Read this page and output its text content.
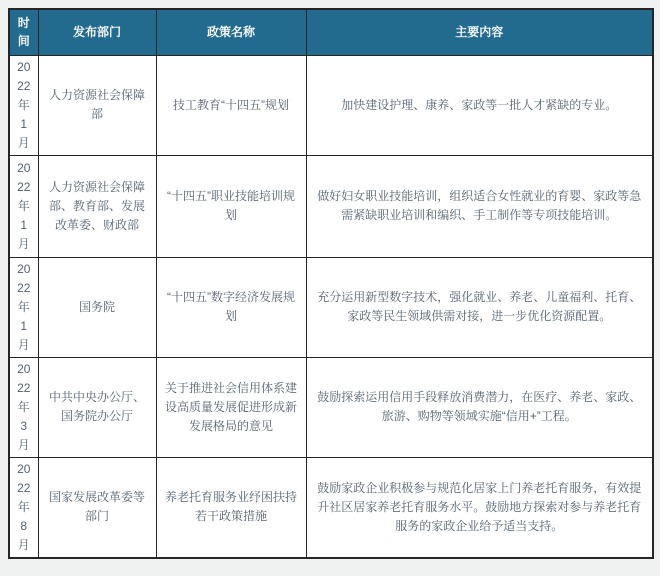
时间	发布部门	政策名称	主要内容
2022年1月	人力资源社会保障部	技工教育“十四五”规划	加快建设护理、康养、家政等一批人才紧缺的专业。
2022年1月	人力资源社会保障部、教育部、发展改革委、财政部	“十四五”职业技能培训规划	做好妇女职业技能培训，组织适合女性就业的育婴、家政等急需紧缺职业培训和编织、手工制作等专项技能培训。
2022年1月	国务院	“十四五”数字经济发展规划	充分运用新型数字技术，强化就业、养老、儿童福利、托育、家政等民生领域供需对接，进一步优化资源配置。
2022年3月	中共中央办公厅、国务院办公厅	关于推进社会信用体系建设高质量发展促进形成新发展格局的意见	鼓励探索运用信用手段释放消费潜力，在医疗、养老、家政、旅游、购物等领域实施“信用+”工程。
2022年8月	国家发展改革委等部门	养老托育服务业纾困扶持若干政策措施	鼓励家政企业积极参与规范化居家上门养老托育服务，有效提升社区居家养老托育服务水平。鼓励地方探索对参与养老托育服务的家政企业给予适当支持。
